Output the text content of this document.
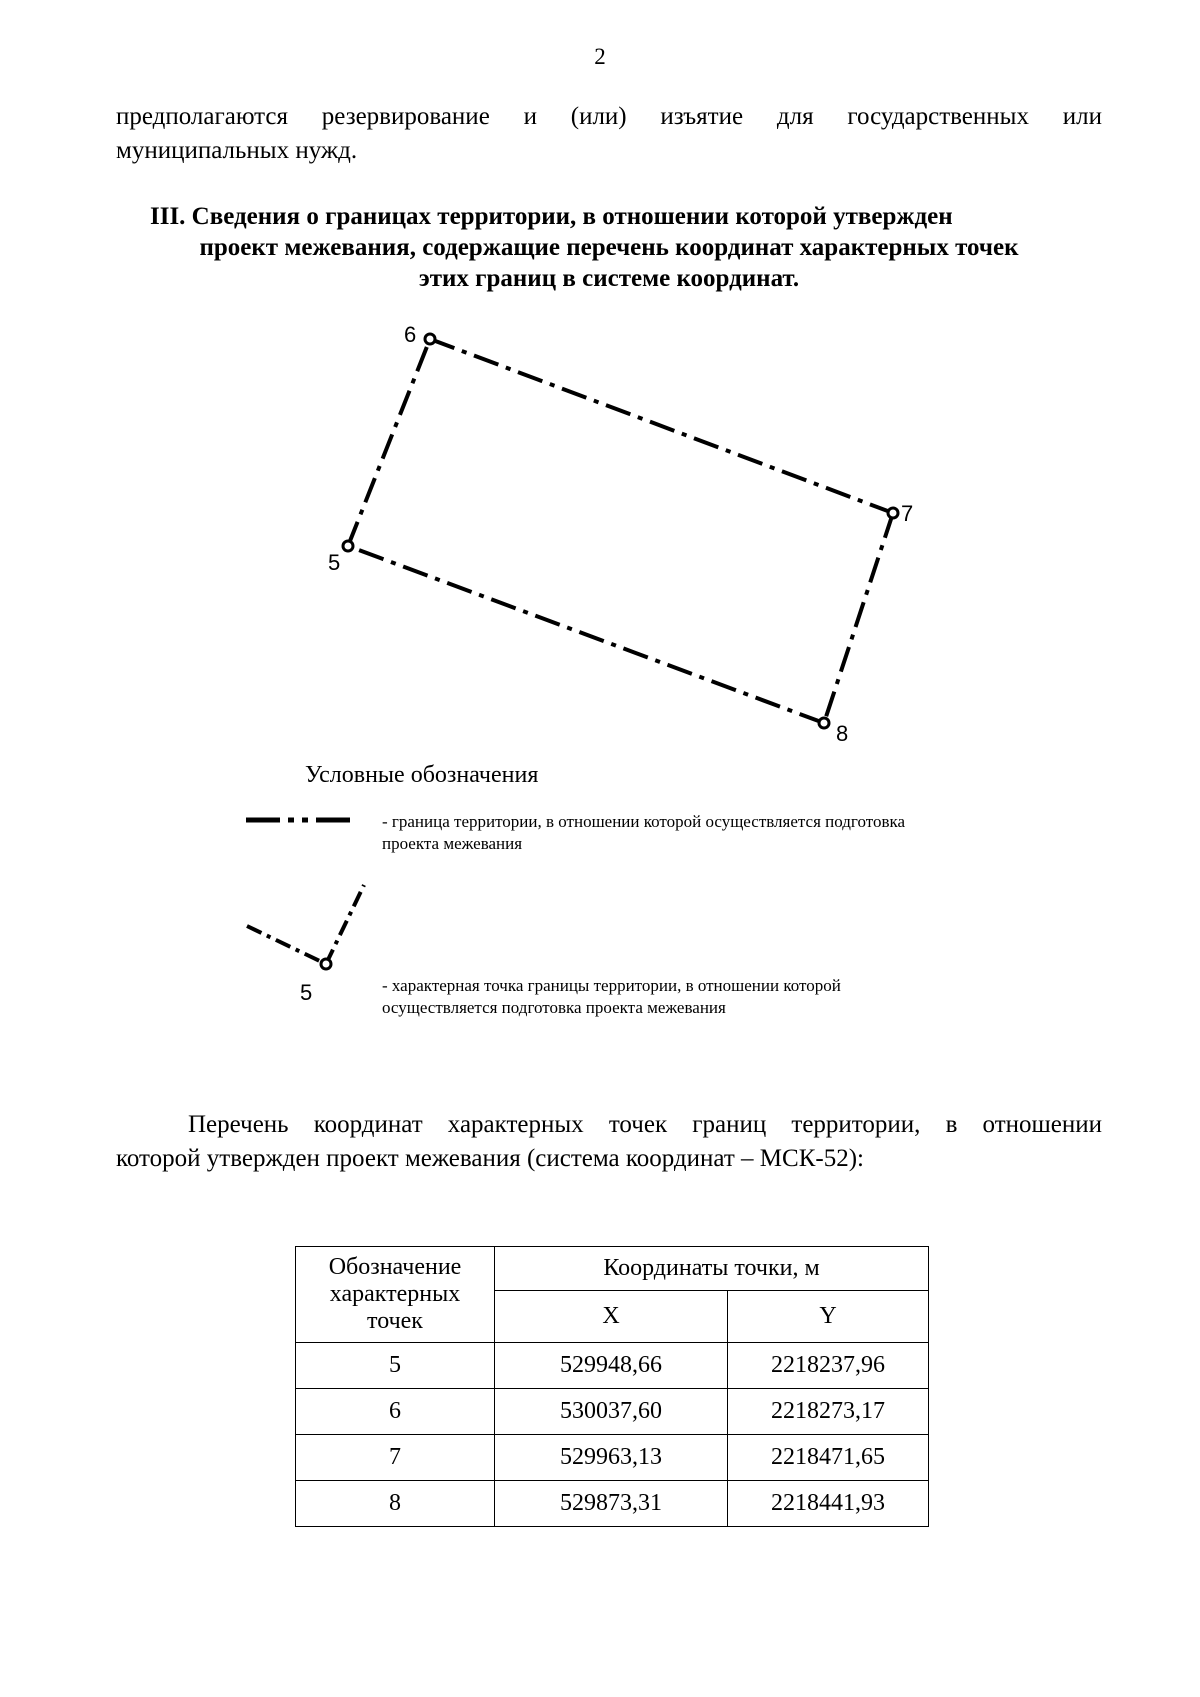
2
предполагаются резервирование и (или) изъятие для государственных или
муниципальных нужд.
III. Сведения о границах территории, в отношении которой утвержден
проект межевания, содержащие перечень координат характерных точек
этих границ в системе координат.
6
7
8
5
Условные обозначения
5
- граница территории, в отношении которой осуществляется подготовка
проекта межевания
- характерная точка границы территории, в отношении которой
осуществляется подготовка проекта межевания
Перечень координат характерных точек границ территории, в отношении
которой утвержден проект межевания (система координат – МСК-52):
Обозначение
характерных
точек	Координаты точки, м	
	X	Y
5	529948,66	2218237,96
6	530037,60	2218273,17
7	529963,13	2218471,65
8	529873,31	2218441,93
